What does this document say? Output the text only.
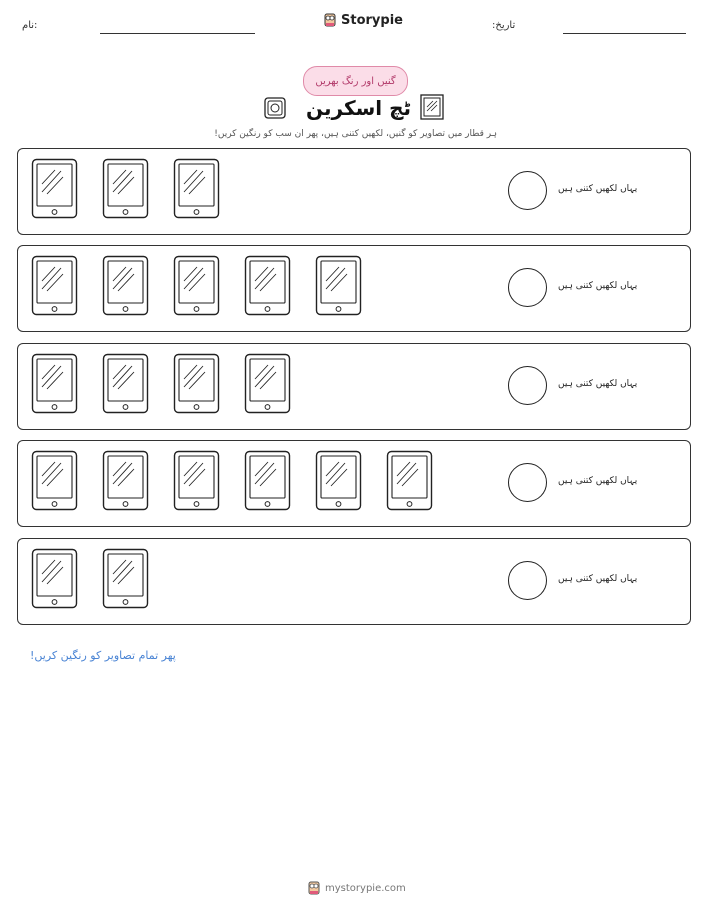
نام:	تاریخ:
Storypie
گنیں اور رنگ بھریں
ٹچ اسکرین
ہر قطار میں تصاویر کو گنیں، لکھیں کتنی ہیں، پھر ان سب کو رنگین کریں!
یہاں لکھیں کتنی ہیں
یہاں لکھیں کتنی ہیں
یہاں لکھیں کتنی ہیں
یہاں لکھیں کتنی ہیں
یہاں لکھیں کتنی ہیں
پھر تمام تصاویر کو رنگین کریں!
mystorypie.com
